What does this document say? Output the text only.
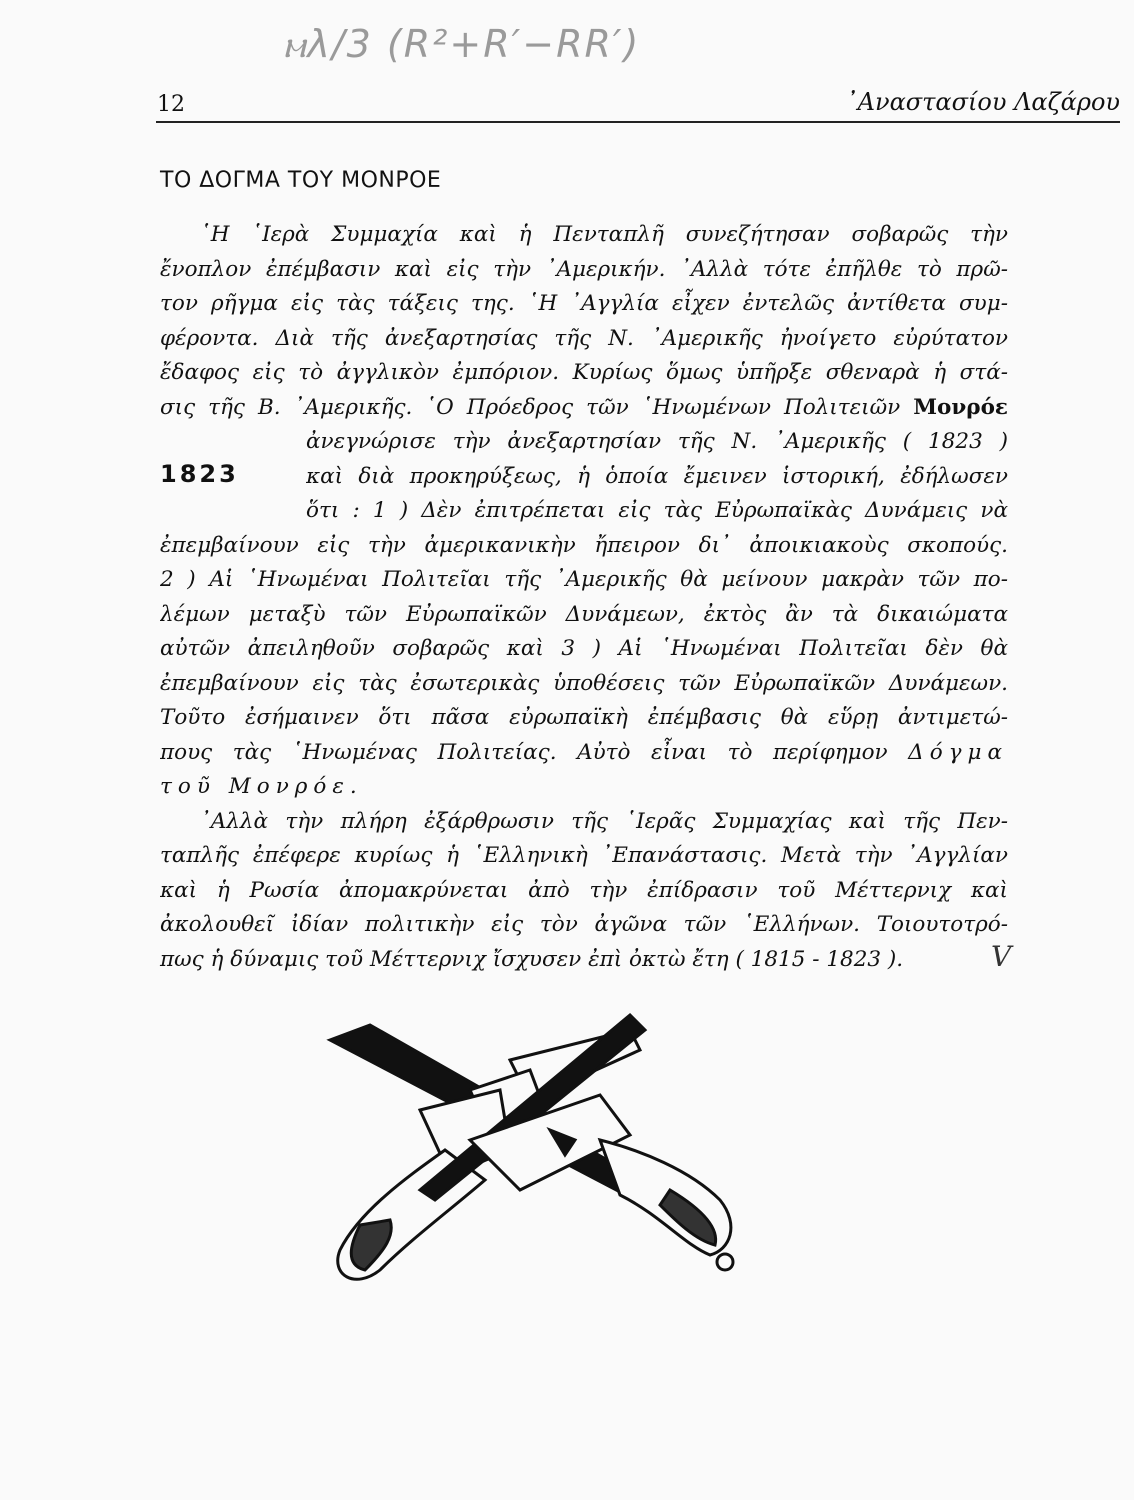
ⲙλ/3 (R²+R′−RR′)
12	᾿Αναστασίου Λαζάρου
ΤΟ ΔΟΓΜΑ ΤΟΥ ΜΟΝΡΟΕ
1823
῾Η ῾Ιερὰ Συμμαχία καὶ ἡ Πενταπλῆ συνεζήτησαν σοβαρῶς τὴν
ἔνοπλον ἐπέμβασιν καὶ εἰς τὴν ᾿Αμερικήν. ᾿Αλλὰ τότε ἐπῆλθε τὸ πρῶ-
τον ρῆγμα εἰς τὰς τάξεις της. ῾Η ᾿Αγγλία εἶχεν ἐντελῶς ἀντίθετα συμ-
φέροντα. Διὰ τῆς ἀνεξαρτησίας τῆς Ν. ᾿Αμερικῆς ἠνοίγετο εὐρύτατον
ἔδαφος εἰς τὸ ἀγγλικὸν ἐμπόριον. Κυρίως ὅμως ὑπῆρξε σθεναρὰ ἡ στά-
σις τῆς Β. ᾿Αμερικῆς. ῾Ο Πρόεδρος τῶν ῾Ηνωμένων Πολιτειῶν Μονρόε
ἀνεγνώρισε τὴν ἀνεξαρτησίαν τῆς Ν. ᾿Αμερικῆς ( 1823 )
καὶ διὰ προκηρύξεως, ἡ ὁποία ἔμεινεν ἱστορική, ἐδήλωσεν
ὅτι : 1 ) Δὲν ἐπιτρέπεται εἰς τὰς Εὐρωπαϊκὰς Δυνάμεις νὰ
ἐπεμβαίνουν εἰς τὴν ἀμερικανικὴν ἤπειρον δι᾿ ἀποικιακοὺς σκοπούς.
2 ) Αἱ ῾Ηνωμέναι Πολιτεῖαι τῆς ᾿Αμερικῆς θὰ μείνουν μακρὰν τῶν πο-
λέμων μεταξὺ τῶν Εὐρωπαϊκῶν Δυνάμεων, ἐκτὸς ἂν τὰ δικαιώματα
αὐτῶν ἀπειληθοῦν σοβαρῶς καὶ 3 ) Αἱ ῾Ηνωμέναι Πολιτεῖαι δὲν θὰ
ἐπεμβαίνουν εἰς τὰς ἐσωτερικὰς ὑποθέσεις τῶν Εὐρωπαϊκῶν Δυνάμεων.
Τοῦτο ἐσήμαινεν ὅτι πᾶσα εὐρωπαϊκὴ ἐπέμβασις θὰ εὕρῃ ἀντιμετώ-
πους τὰς ῾Ηνωμένας Πολιτείας. Αὐτὸ εἶναι τὸ περίφημον Δόγμα
τοῦ Μονρόε.
᾿Αλλὰ τὴν πλήρη ἐξάρθρωσιν τῆς ῾Ιερᾶς Συμμαχίας καὶ τῆς Πεν-
ταπλῆς ἐπέφερε κυρίως ἡ ῾Ελληνικὴ ᾿Επανάστασις. Μετὰ τὴν ᾿Αγγλίαν
καὶ ἡ Ρωσία ἀπομακρύνεται ἀπὸ τὴν ἐπίδρασιν τοῦ Μέττερνιχ καὶ
ἀκολουθεῖ ἰδίαν πολιτικὴν εἰς τὸν ἀγῶνα τῶν ῾Ελλήνων. Τοιουτοτρό-
πως ἡ δύναμις τοῦ Μέττερνιχ ἴσχυσεν ἐπὶ ὀκτὼ ἔτη ( 1815 - 1823 ).	V
